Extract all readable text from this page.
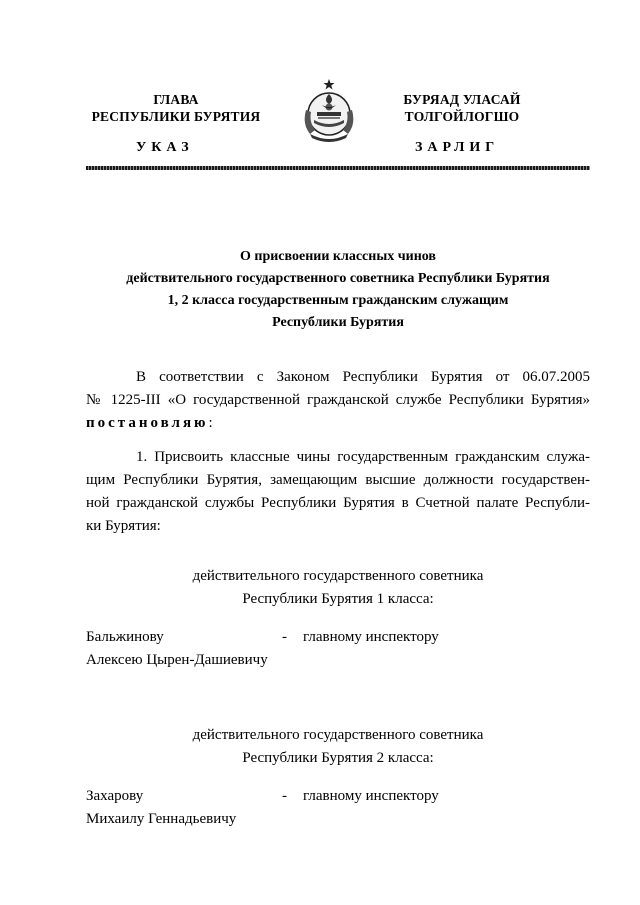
ГЛАВА
РЕСПУБЛИКИ БУРЯТИЯ
БУРЯАД УЛАСАЙ
ТОЛГОЙЛОГШО
УКАЗ	ЗАРЛИГ
О присвоении классных чинов
действительного государственного советника Республики Бурятия
1, 2 класса государственным гражданским служащим
Республики Бурятия
В соответствии с Законом Республики Бурятия от 06.07.2005
№ 1225-III «О государственной гражданской службе Республики Бурятия»
постановляю:
1. Присвоить классные чины государственным гражданским служа-
щим Республики Бурятия, замещающим высшие должности государствен-
ной гражданской службы Республики Бурятия в Счетной палате Республи-
ки Бурятия:
действительного государственного советника
Республики Бурятия 1 класса:
Бальжинову	- главному инспектору
Алексею Цырен-Дашиевичу
действительного государственного советника
Республики Бурятия 2 класса:
Захарову	- главному инспектору
Михаилу Геннадьевичу
